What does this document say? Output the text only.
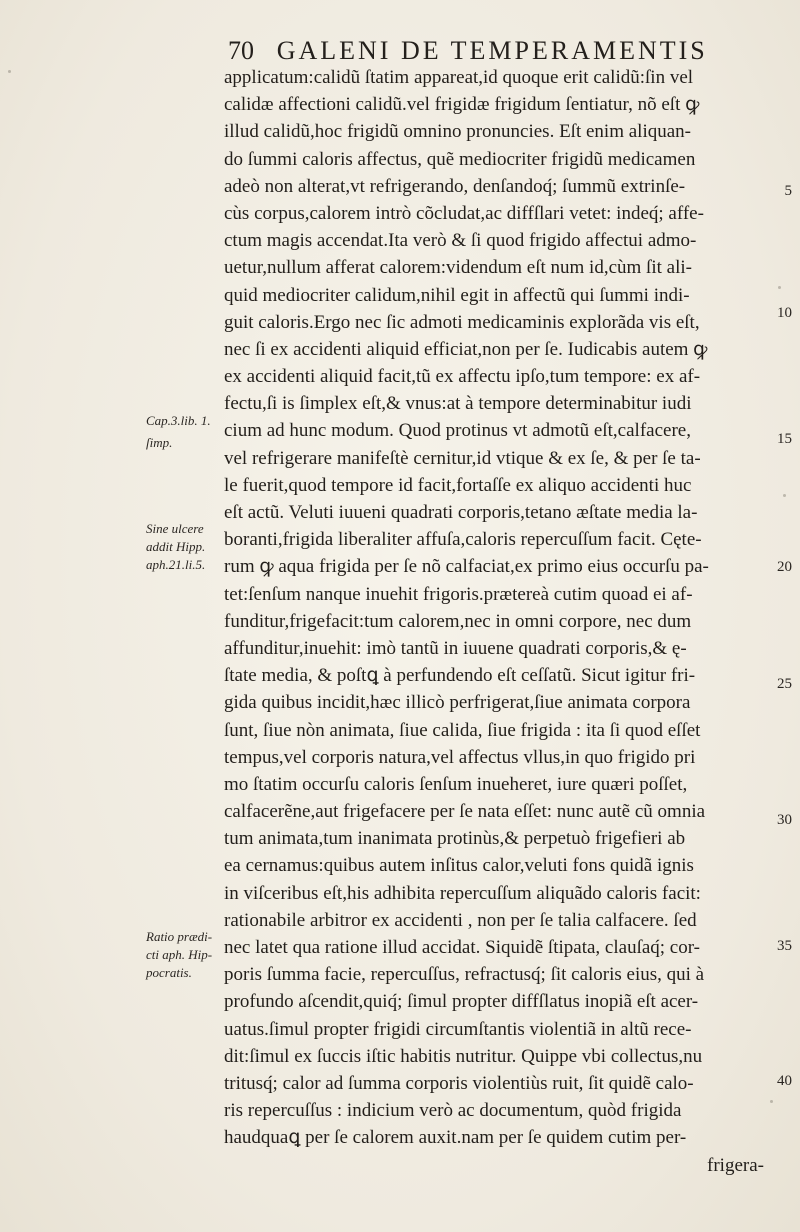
70 GALENI DE TEMPERAMENTIS
applicatum:calidũ ſtatim appareat,id quoque erit calidũ:ſin vel
calidæ affectioni calidũ.vel frigidæ frigidum ſentiatur, nõ eſt ꝙ
illud calidũ,hoc frigidũ omnino pronuncies. Eſt enim aliquan-
do ſummi caloris affectus, quẽ mediocriter frigidũ medicamen
adeò non alterat,vt refrigerando, denſandoq́; ſummũ extrinſe-
cùs corpus,calorem intrò cõcludat,ac diffſlari vetet: indeq́; affe-
ctum magis accendat.Ita verò & ſi quod frigido affectui admo-
uetur,nullum afferat calorem:videndum eſt num id,cùm ſit ali-
quid mediocriter calidum,nihil egit in affectũ qui ſummi indi-
guit caloris.Ergo nec ſic admoti medicaminis explorãda vis eſt,
nec ſi ex accidenti aliquid efficiat,non per ſe. Iudicabis autem ꝙ
ex accidenti aliquid facit,tũ ex affectu ipſo,tum tempore: ex af-
fectu,ſi is ſimplex eſt,& vnus:at à tempore determinabitur iudi
cium ad hunc modum. Quod protinus vt admotũ eſt,calfacere,
vel refrigerare manifeſtè cernitur,id vtique & ex ſe, & per ſe ta-
le fuerit,quod tempore id facit,fortaſſe ex aliquo accidenti huc
eſt actũ. Veluti iuueni quadrati corporis,tetano æſtate media la-
boranti,frigida liberaliter affuſa,caloris repercuſſum facit. Cęte-
rum ꝙ aqua frigida per ſe nõ calfaciat,ex primo eius occurſu pa-
tet:ſenſum nanque inuehit frigoris.prætereà cutim quoad ei af-
funditur,frigefacit:tum calorem,nec in omni corpore, nec dum
affunditur,inuehit: imò tantũ in iuuene quadrati corporis,& ę-
ſtate media, & poſtꝗ à perfundendo eſt ceſſatũ. Sicut igitur fri-
gida quibus incidit,hæc illicò perfrigerat,ſiue animata corpora
ſunt, ſiue nòn animata, ſiue calida, ſiue frigida : ita ſi quod eſſet
tempus,vel corporis natura,vel affectus vllus,in quo frigido pri
mo ſtatim occurſu caloris ſenſum inueheret, iure quæri poſſet,
calfacerẽne,aut frigefacere per ſe nata eſſet: nunc autẽ cũ omnia
tum animata,tum inanimata protinùs,& perpetuò frigefieri ab
ea cernamus:quibus autem inſitus calor,veluti fons quidã ignis
in viſceribus eſt,his adhibita repercuſſum aliquãdo caloris facit:
rationabile arbitror ex accidenti , non per ſe talia calfacere. ſed
nec latet qua ratione illud accidat. Siquidẽ ſtipata, clauſaq́; cor-
poris ſumma facie, repercuſſus, refractusq́; ſit caloris eius, qui à
profundo aſcendit,quiq́; ſimul propter diffſlatus inopiã eſt acer-
uatus.ſimul propter frigidi circumſtantis violentiã in altũ rece-
dit:ſimul ex ſuccis iſtic habitis nutritur. Quippe vbi collectus,nu
tritusq́; calor ad ſumma corporis violentiùs ruit, ſit quidẽ calo-
ris repercuſſus : indicium verò ac documentum, quòd frigida
haudquaꝗ per ſe calorem auxit.nam per ſe quidem cutim per-
frigera-
5
10
15
20
25
30
35
40
Cap.3.lib. 1.
ſimp.
Sine ulcere
addit Hipp.
aph.21.li.5.
Ratio prædi-
cti aph. Hip-
pocratis.
